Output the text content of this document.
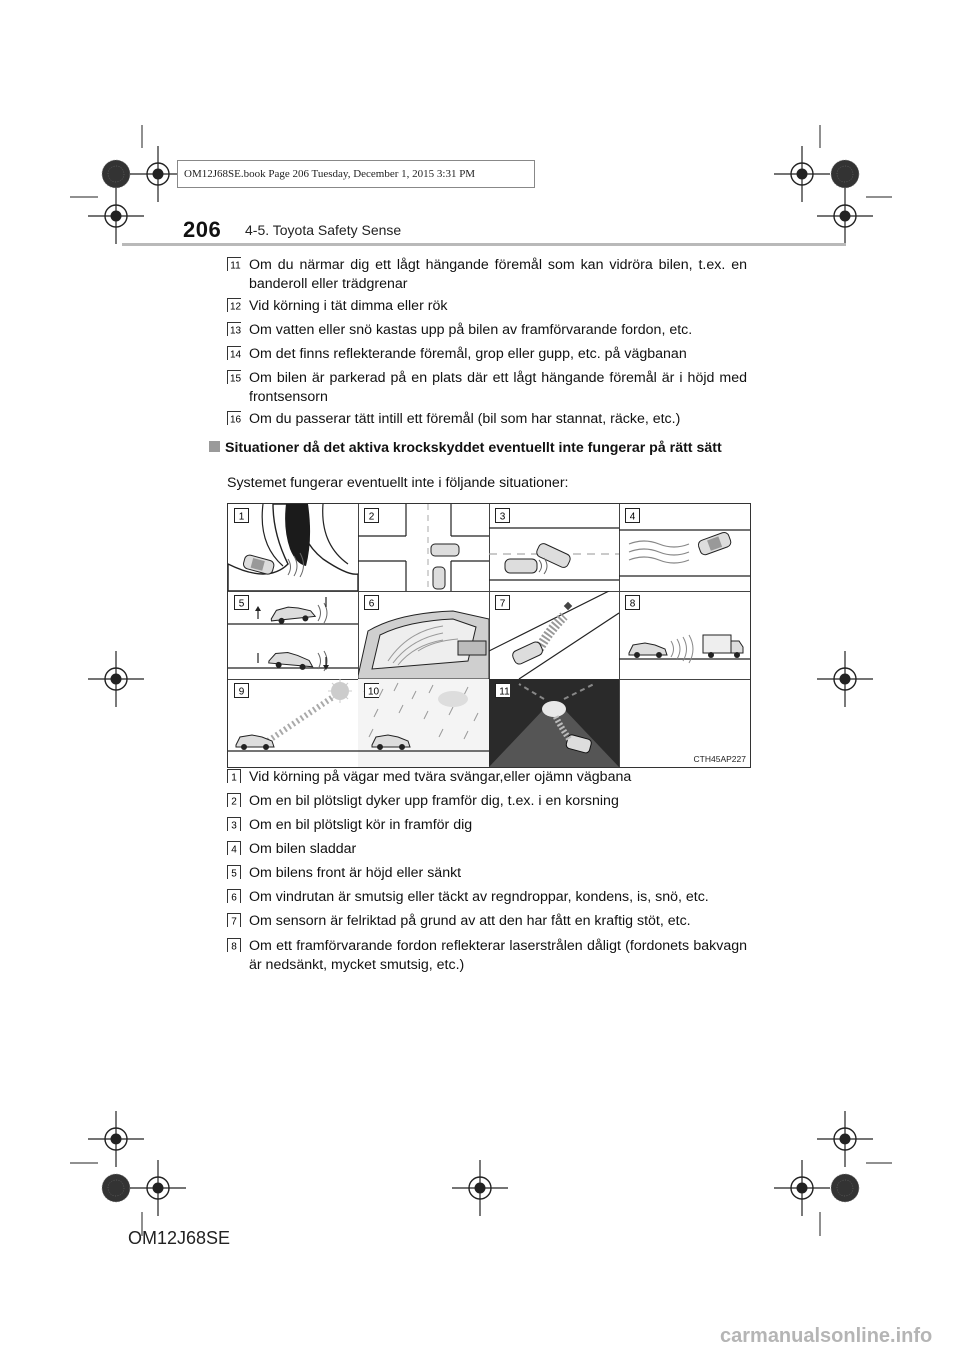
OM12J68SE.book Page 206 Tuesday, December 1, 2015 3:31 PM
206 4-5. Toyota Safety Sense
11 Om du närmar dig ett lågt hängande föremål som kan vidröra bilen, t.ex. en banderoll eller trädgrenar
12 Vid körning i tät dimma eller rök
13 Om vatten eller snö kastas upp på bilen av framförvarande fordon, etc.
14 Om det finns reflekterande föremål, grop eller gupp, etc. på vägbanan
15 Om bilen är parkerad på en plats där ett lågt hängande föremål är i höjd med frontsensorn
16 Om du passerar tätt intill ett föremål (bil som har stannat, räcke, etc.)
Situationer då det aktiva krockskyddet eventuellt inte fungerar på rätt sätt
Systemet fungerar eventuellt inte i följande situationer:
1	2	3	4
5	6	7	8
9	10	11
CTH45AP227
1 Vid körning på vägar med tvära svängar,eller ojämn vägbana
2 Om en bil plötsligt dyker upp framför dig, t.ex. i en korsning
3 Om en bil plötsligt kör in framför dig
4 Om bilen sladdar
5 Om bilens front är höjd eller sänkt
6 Om vindrutan är smutsig eller täckt av regndroppar, kondens, is, snö, etc.
7 Om sensorn är felriktad på grund av att den har fått en kraftig stöt, etc.
8 Om ett framförvarande fordon reflekterar laserstrålen dåligt (fordonets bakvagn är nedsänkt, mycket smutsig, etc.)
OM12J68SE
carmanualsonline.info
